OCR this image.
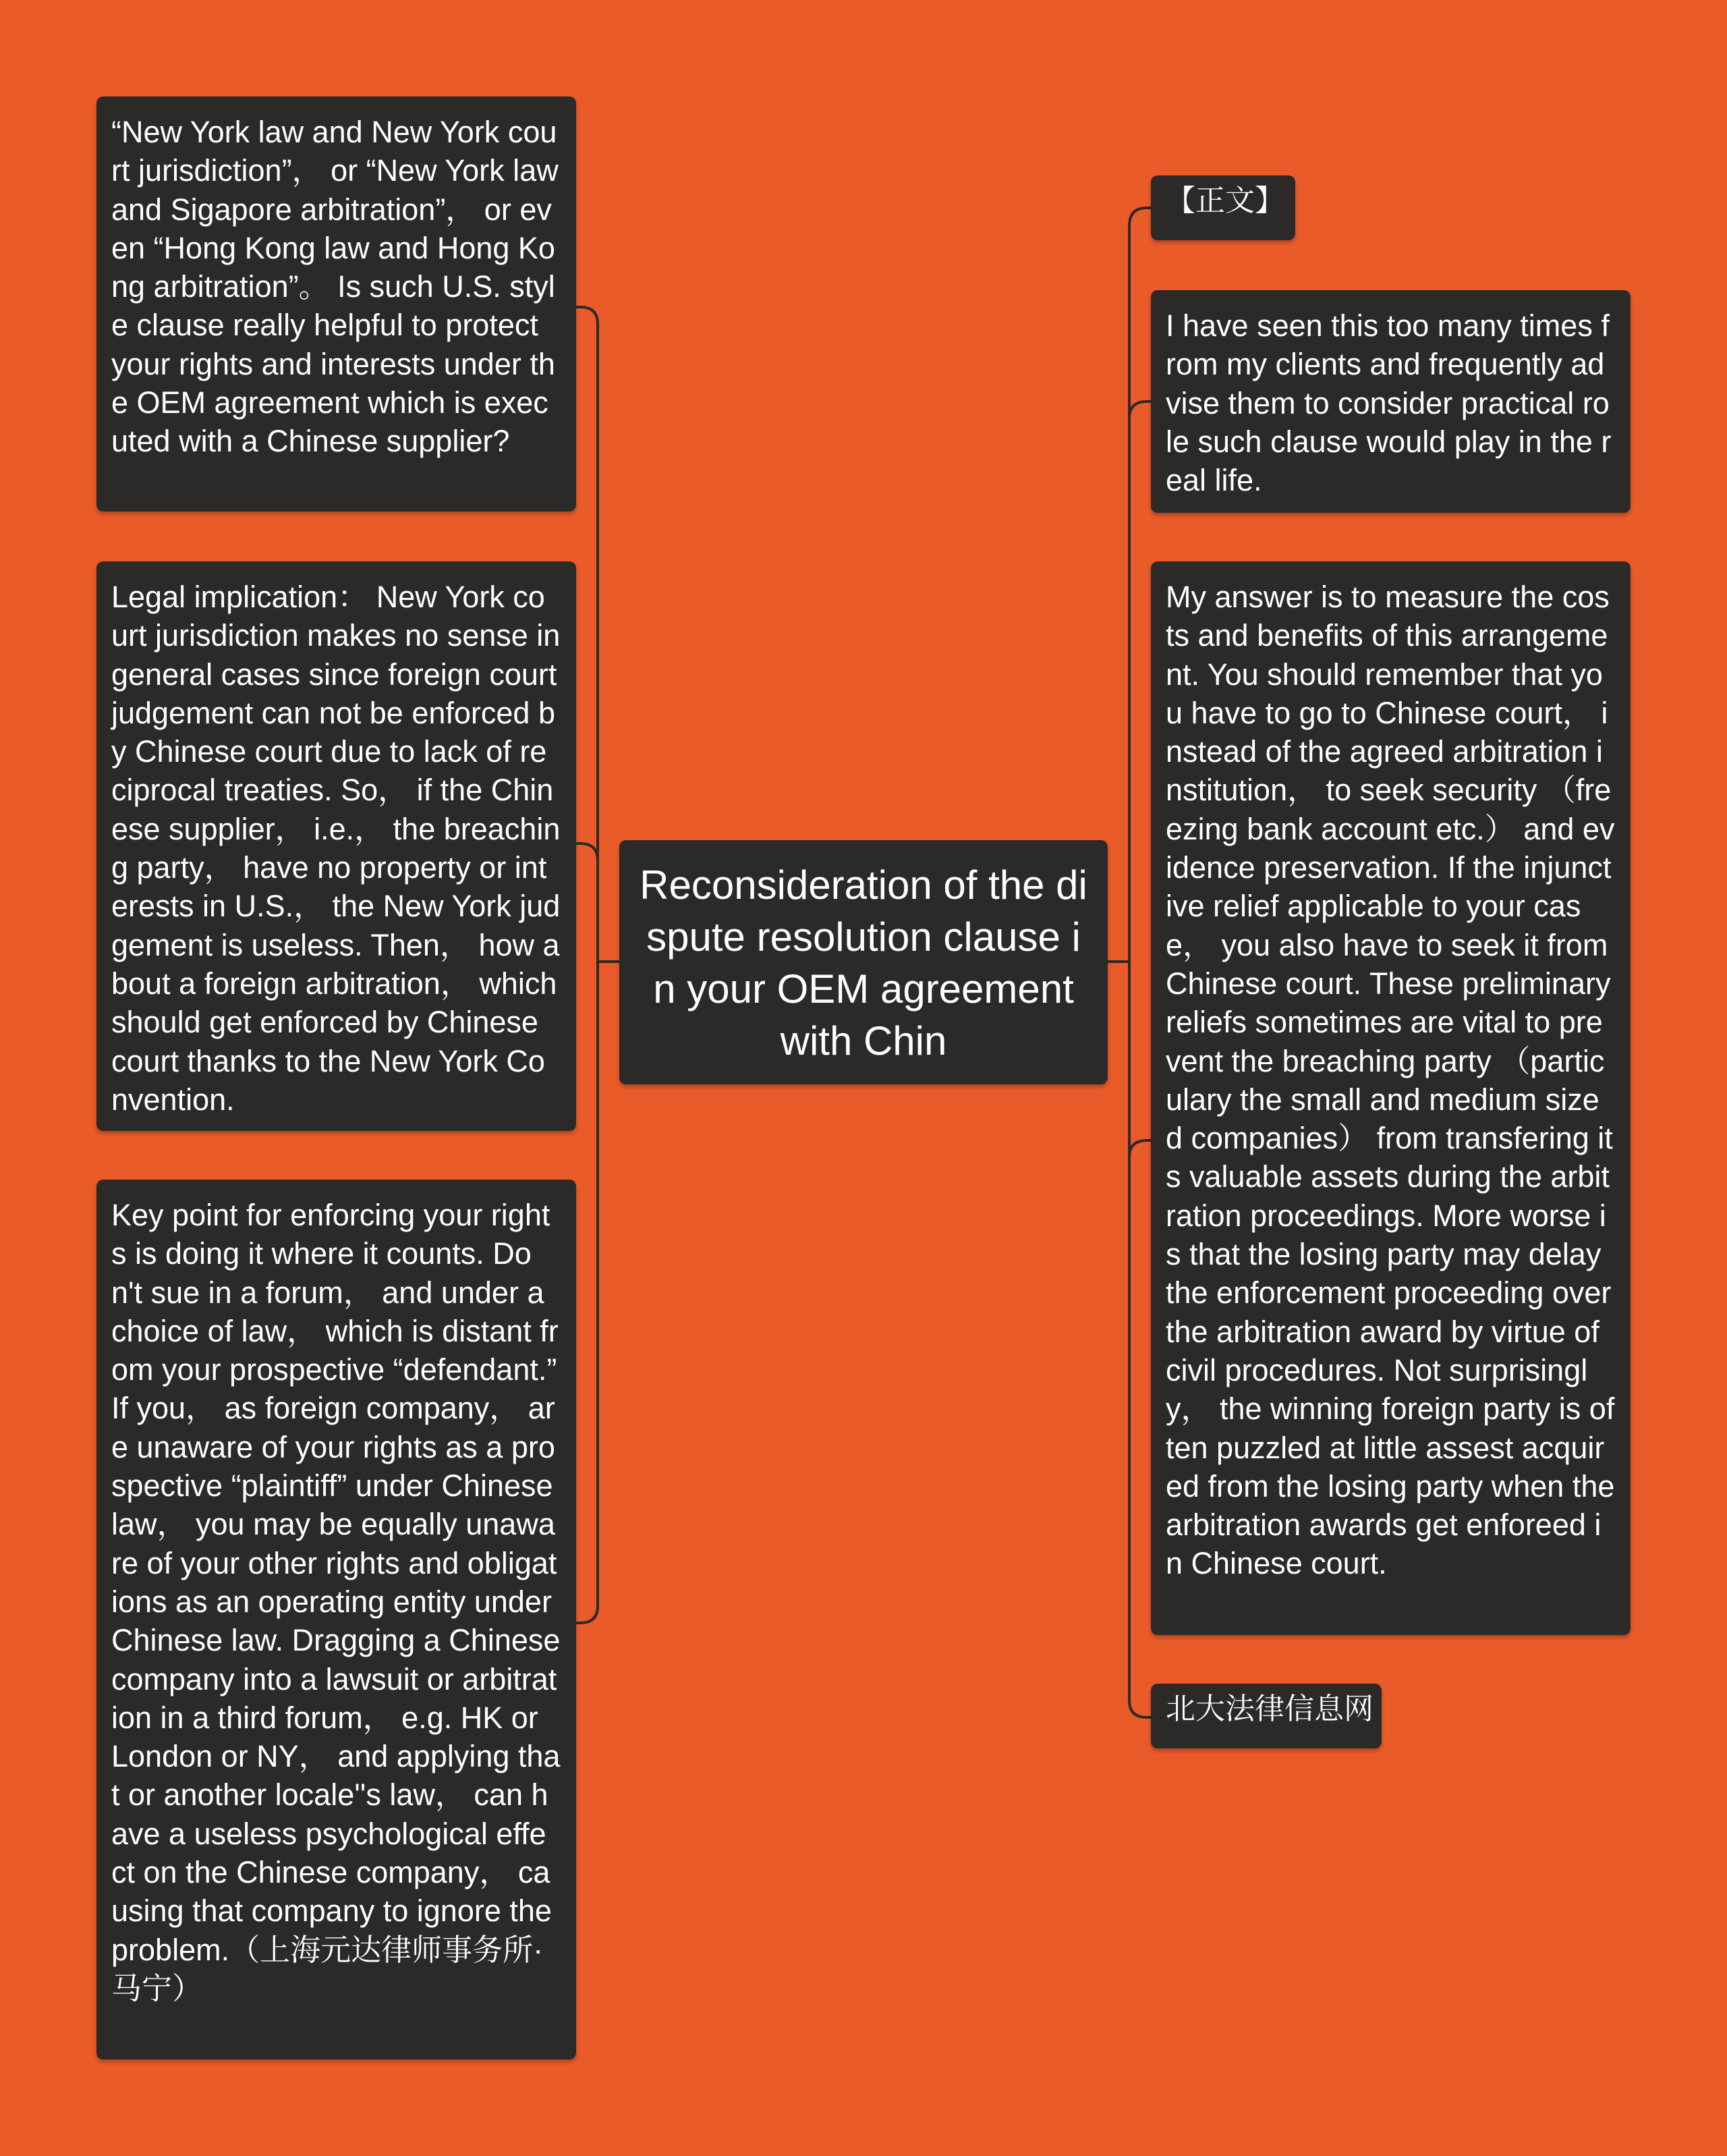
“New York law and New York court jurisdiction”， or “New York law and Sigapore arbitration”， or even “Hong Kong law and Hong Kong arbitration”。 Is such U.S. style clause really helpful to protect your rights and interests under the OEM agreement which is executed with a Chinese supplier?
Legal implication： New York court jurisdiction makes no sense in general cases since foreign court judgement can not be enforced by Chinese court due to lack of reciprocal treaties. So， if the Chinese supplier， i.e.， the breaching party， have no property or interests in U.S.， the New York judgement is useless. Then， how about a foreign arbitration， which should get enforced by Chinese court thanks to the New York Convention.
Key point for enforcing your rights is doing it where it counts. Don't sue in a forum， and under a choice of law， which is distant from your prospective “defendant.” If you， as foreign company， are unaware of your rights as a prospective “plaintiff” under Chinese law， you may be equally unaware of your other rights and obligations as an operating entity under Chinese law. Dragging a Chinese company into a lawsuit or arbitration in a third forum， e.g. HK or London or NY， and applying that or another locale''s law， can have a useless psychological effect on the Chinese company， causing that company to ignore the problem.（上海元达律师事务所·马宁）
Reconsideration of the dispute resolution clause in your OEM agreement with Chin
【正文】
I have seen this too many times from my clients and frequently advise them to consider practical role such clause would play in the real life.
My answer is to measure the costs and benefits of this arrangement. You should remember that you have to go to Chinese court， instead of the agreed arbitration institution， to seek security （freezing bank account etc.） and evidence preservation. If the injunctive relief applicable to your case， you also have to seek it from Chinese court. These preliminary reliefs sometimes are vital to prevent the breaching party （particulary the small and medium sized companies） from transfering its valuable assets during the arbitration proceedings. More worse is that the losing party may delay the enforcement proceeding over the arbitration award by virtue of civil procedures. Not surprisingly， the winning foreign party is often puzzled at little assest acquired from the losing party when the arbitration awards get enforeed in Chinese court.
北大法律信息网
